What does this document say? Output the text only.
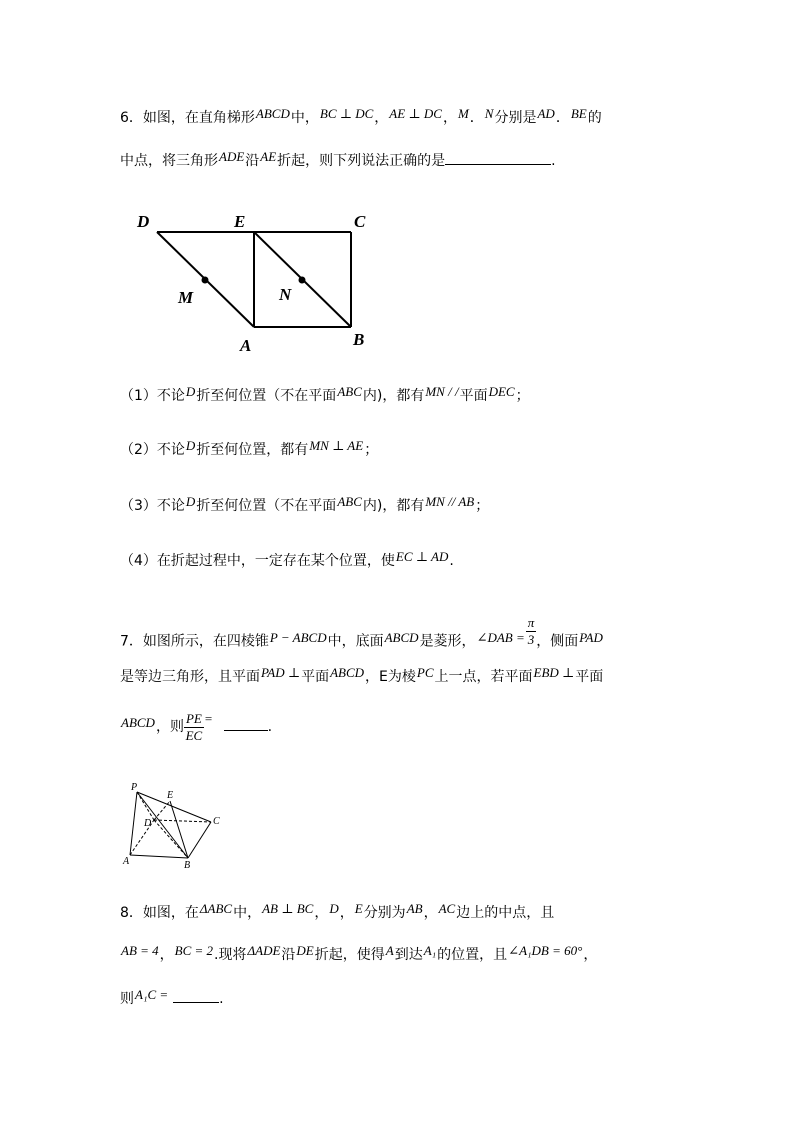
6．如图，在直角梯形ABCD中，BC ⊥ DC，AE ⊥ DC，M．N分别是AD．BE的
中点，将三角形ADE沿AE折起，则下列说法正确的是	.
D	E	C
M	N
A	B
（1）不论D折至何位置（不在平面ABC内)，都有MN / /平面DEC；
（2）不论D折至何位置，都有MN ⊥ AE；
（3）不论D折至何位置（不在平面ABC内)，都有MN // AB；
（4）在折起过程中，一定存在某个位置，使EC ⊥ AD.
7．如图所示，在四棱锥P − ABCD中，底面ABCD是菱形，∠DAB = $\frac{\pi}{3}$ ，侧面PAD
是等边三角形，且平面PAD ⊥平面ABCD，E为棱PC上一点，若平面EBD ⊥平面
ABCD，则 $\frac{PE}{EC}$ = .
P
E
D	C
A	B
8．如图，在ΔABC中，AB ⊥ BC，D，E分别为AB，AC边上的中点，且
AB = 4，BC = 2.现将ΔADE沿DE折起，使得A到达A₁的位置，且∠A₁DB = 60°，
则A₁C =	.
